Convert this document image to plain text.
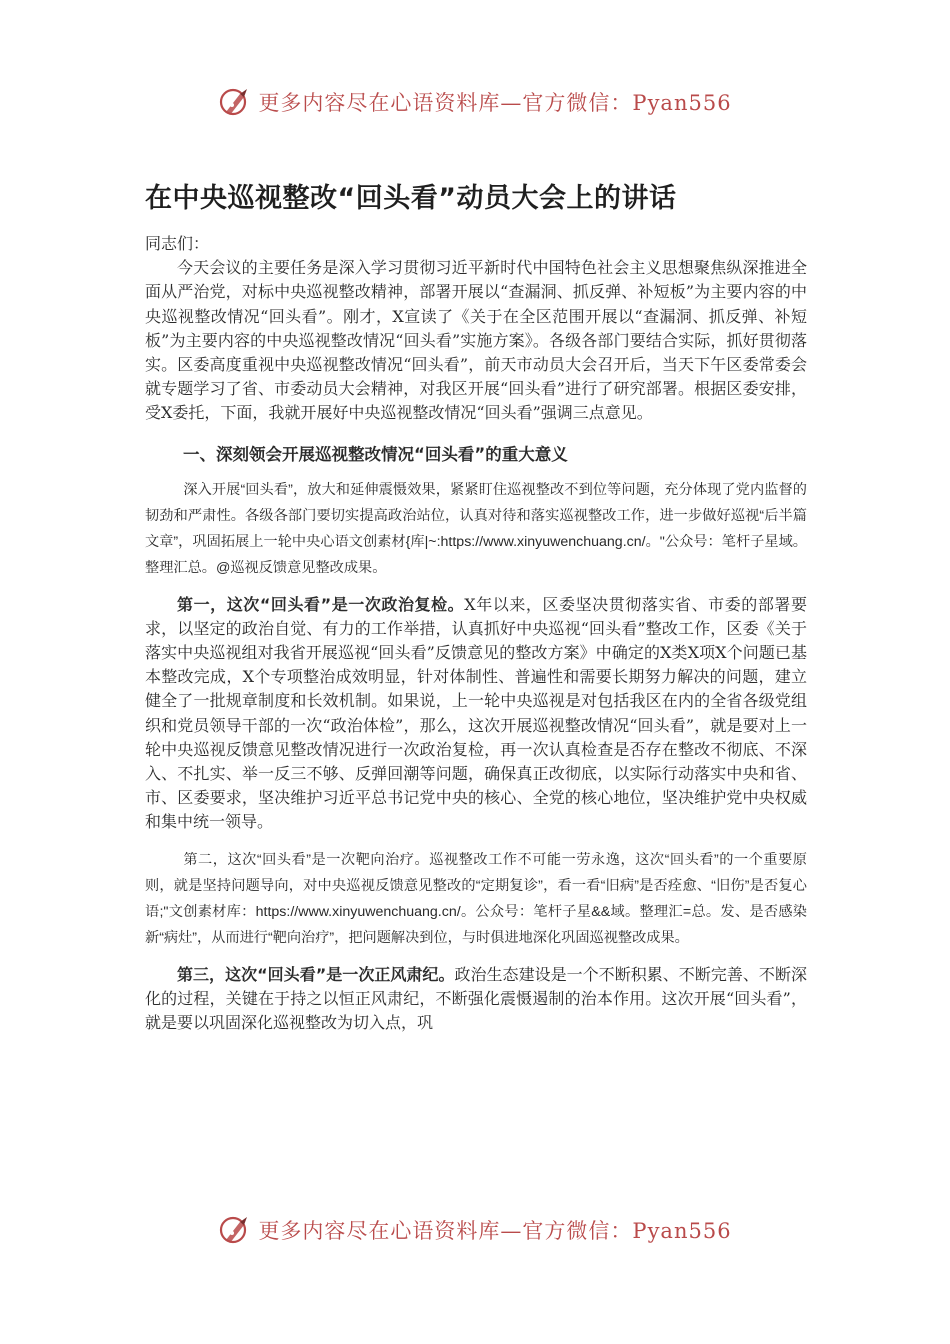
更多内容尽在心语资料库—官方微信：Pyan556
在中央巡视整改“回头看”动员大会上的讲话

同志们：

今天会议的主要任务是深入学习贯彻习近平新时代中国特色社会主义思想聚焦纵深推进全面从严治党，对标中央巡视整改精神，部署开展以“查漏洞、抓反弹、补短板”为主要内容的中央巡视整改情况“回头看”。刚才，X宣读了《关于在全区范围开展以“查漏洞、抓反弹、补短板”为主要内容的中央巡视整改情况“回头看”实施方案》。各级各部门要结合实际，抓好贯彻落实。区委高度重视中央巡视整改情况“回头看”，前天市动员大会召开后，当天下午区委常委会就专题学习了省、市委动员大会精神，对我区开展“回头看”进行了研究部署。根据区委安排，受X委托，下面，我就开展好中央巡视整改情况“回头看”强调三点意见。

一、深刻领会开展巡视整改情况“回头看”的重大意义

深入开展“回头看”，放大和延伸震慑效果，紧紧盯住巡视整改不到位等问题，充分体现了党内监督的韧劲和严肃性。各级各部门要切实提高政治站位，认真对待和落实巡视整改工作，进一步做好巡视“后半篇文章”，巩固拓展上一轮中央心语文创素材{库|~:https://www.xinyuwenchuang.cn/。"公众号：笔杆子星域。整理汇总。@巡视反馈意见整改成果。

第一，这次“回头看”是一次政治复检。X年以来，区委坚决贯彻落实省、市委的部署要求，以坚定的政治自觉、有力的工作举措，认真抓好中央巡视“回头看”整改工作，区委《关于落实中央巡视组对我省开展巡视“回头看”反馈意见的整改方案》中确定的X类X项X个问题已基本整改完成，X个专项整治成效明显，针对体制性、普遍性和需要长期努力解决的问题，建立健全了一批规章制度和长效机制。如果说，上一轮中央巡视是对包括我区在内的全省各级党组织和党员领导干部的一次“政治体检”，那么，这次开展巡视整改情况“回头看”，就是要对上一轮中央巡视反馈意见整改情况进行一次政治复检，再一次认真检查是否存在整改不彻底、不深入、不扎实、举一反三不够、反弹回潮等问题，确保真正改彻底，以实际行动落实中央和省、市、区委要求，坚决维护习近平总书记党中央的核心、全党的核心地位，坚决维护党中央权威和集中统一领导。

第二，这次“回头看”是一次靶向治疗。巡视整改工作不可能一劳永逸，这次“回头看”的一个重要原则，就是坚持问题导向，对中央巡视反馈意见整改的“定期复诊”，看一看“旧病”是否痊愈、“旧伤”是否复心语;"文创素材库：https://www.xinyuwenchuang.cn/。公众号：笔杆子星&&域。整理汇=总。发、是否感染新“病灶”，从而进行“靶向治疗”，把问题解决到位，与时俱进地深化巩固巡视整改成果。

第三，这次“回头看”是一次正风肃纪。政治生态建设是一个不断积累、不断完善、不断深化的过程，关键在于持之以恒正风肃纪，不断强化震慑遏制的治本作用。这次开展“回头看”，就是要以巩固深化巡视整改为切入点，巩

更多内容尽在心语资料库—官方微信：Pyan556
